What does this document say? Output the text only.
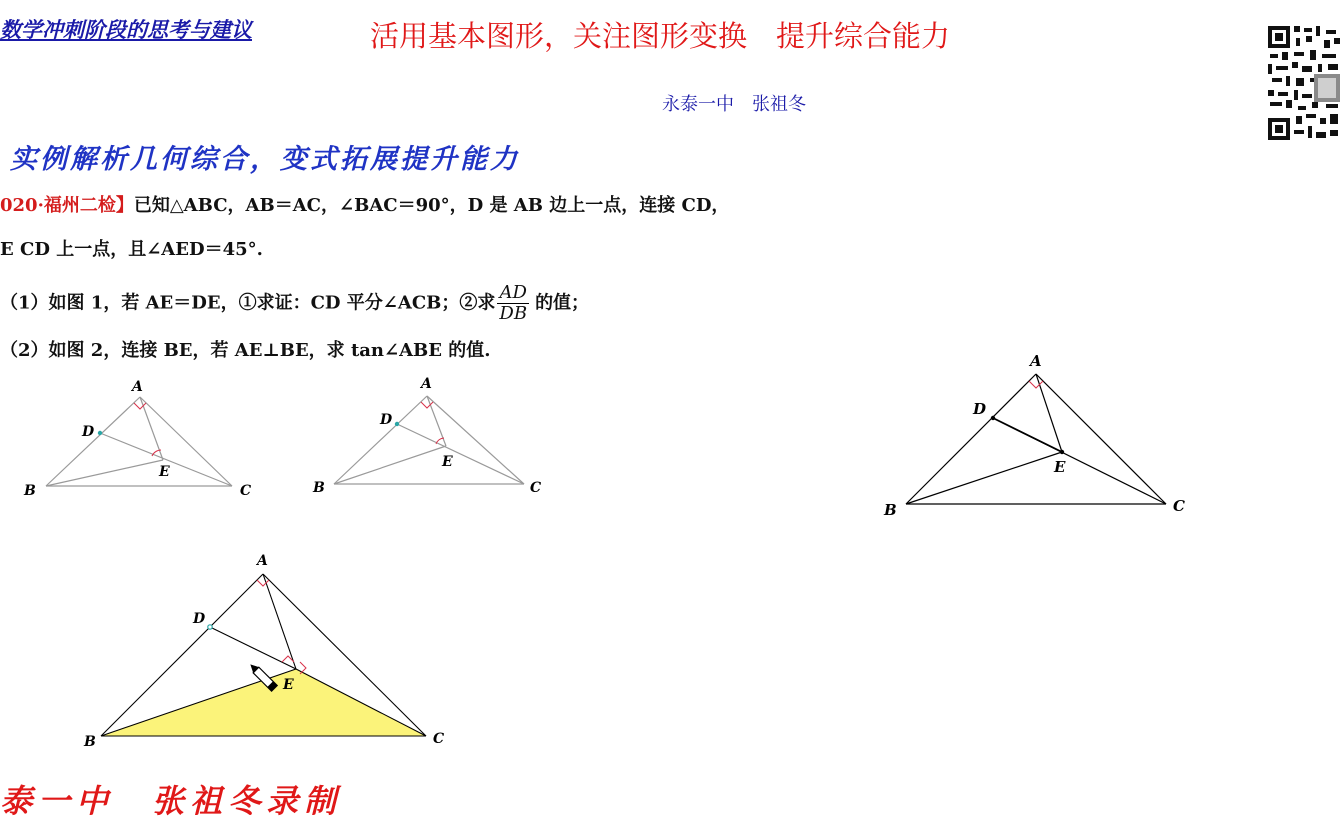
数学冲刺阶段的思考与建议	活用基本图形，关注图形变换　提升综合能力
永泰一中　张祖冬
实例解析几何综合，变式拓展提升能力
020·福州二检】已知△ABC，AB＝AC，∠BAC＝90°，D 是 AB 边上一点，连接 CD，
E CD 上一点，且∠AED＝45°.
（1）如图 1，若 AE＝DE，①求证：CD 平分∠ACB；②求 $\frac{AD}{DB}$ 的值；
（2）如图 2，连接 BE，若 AE⊥BE，求 tan∠ABE 的值.
A
D
E
B	C
A
D
E
B	C
A
D
E
B	C
A
D
E
B	C
泰一中　张祖冬录制
